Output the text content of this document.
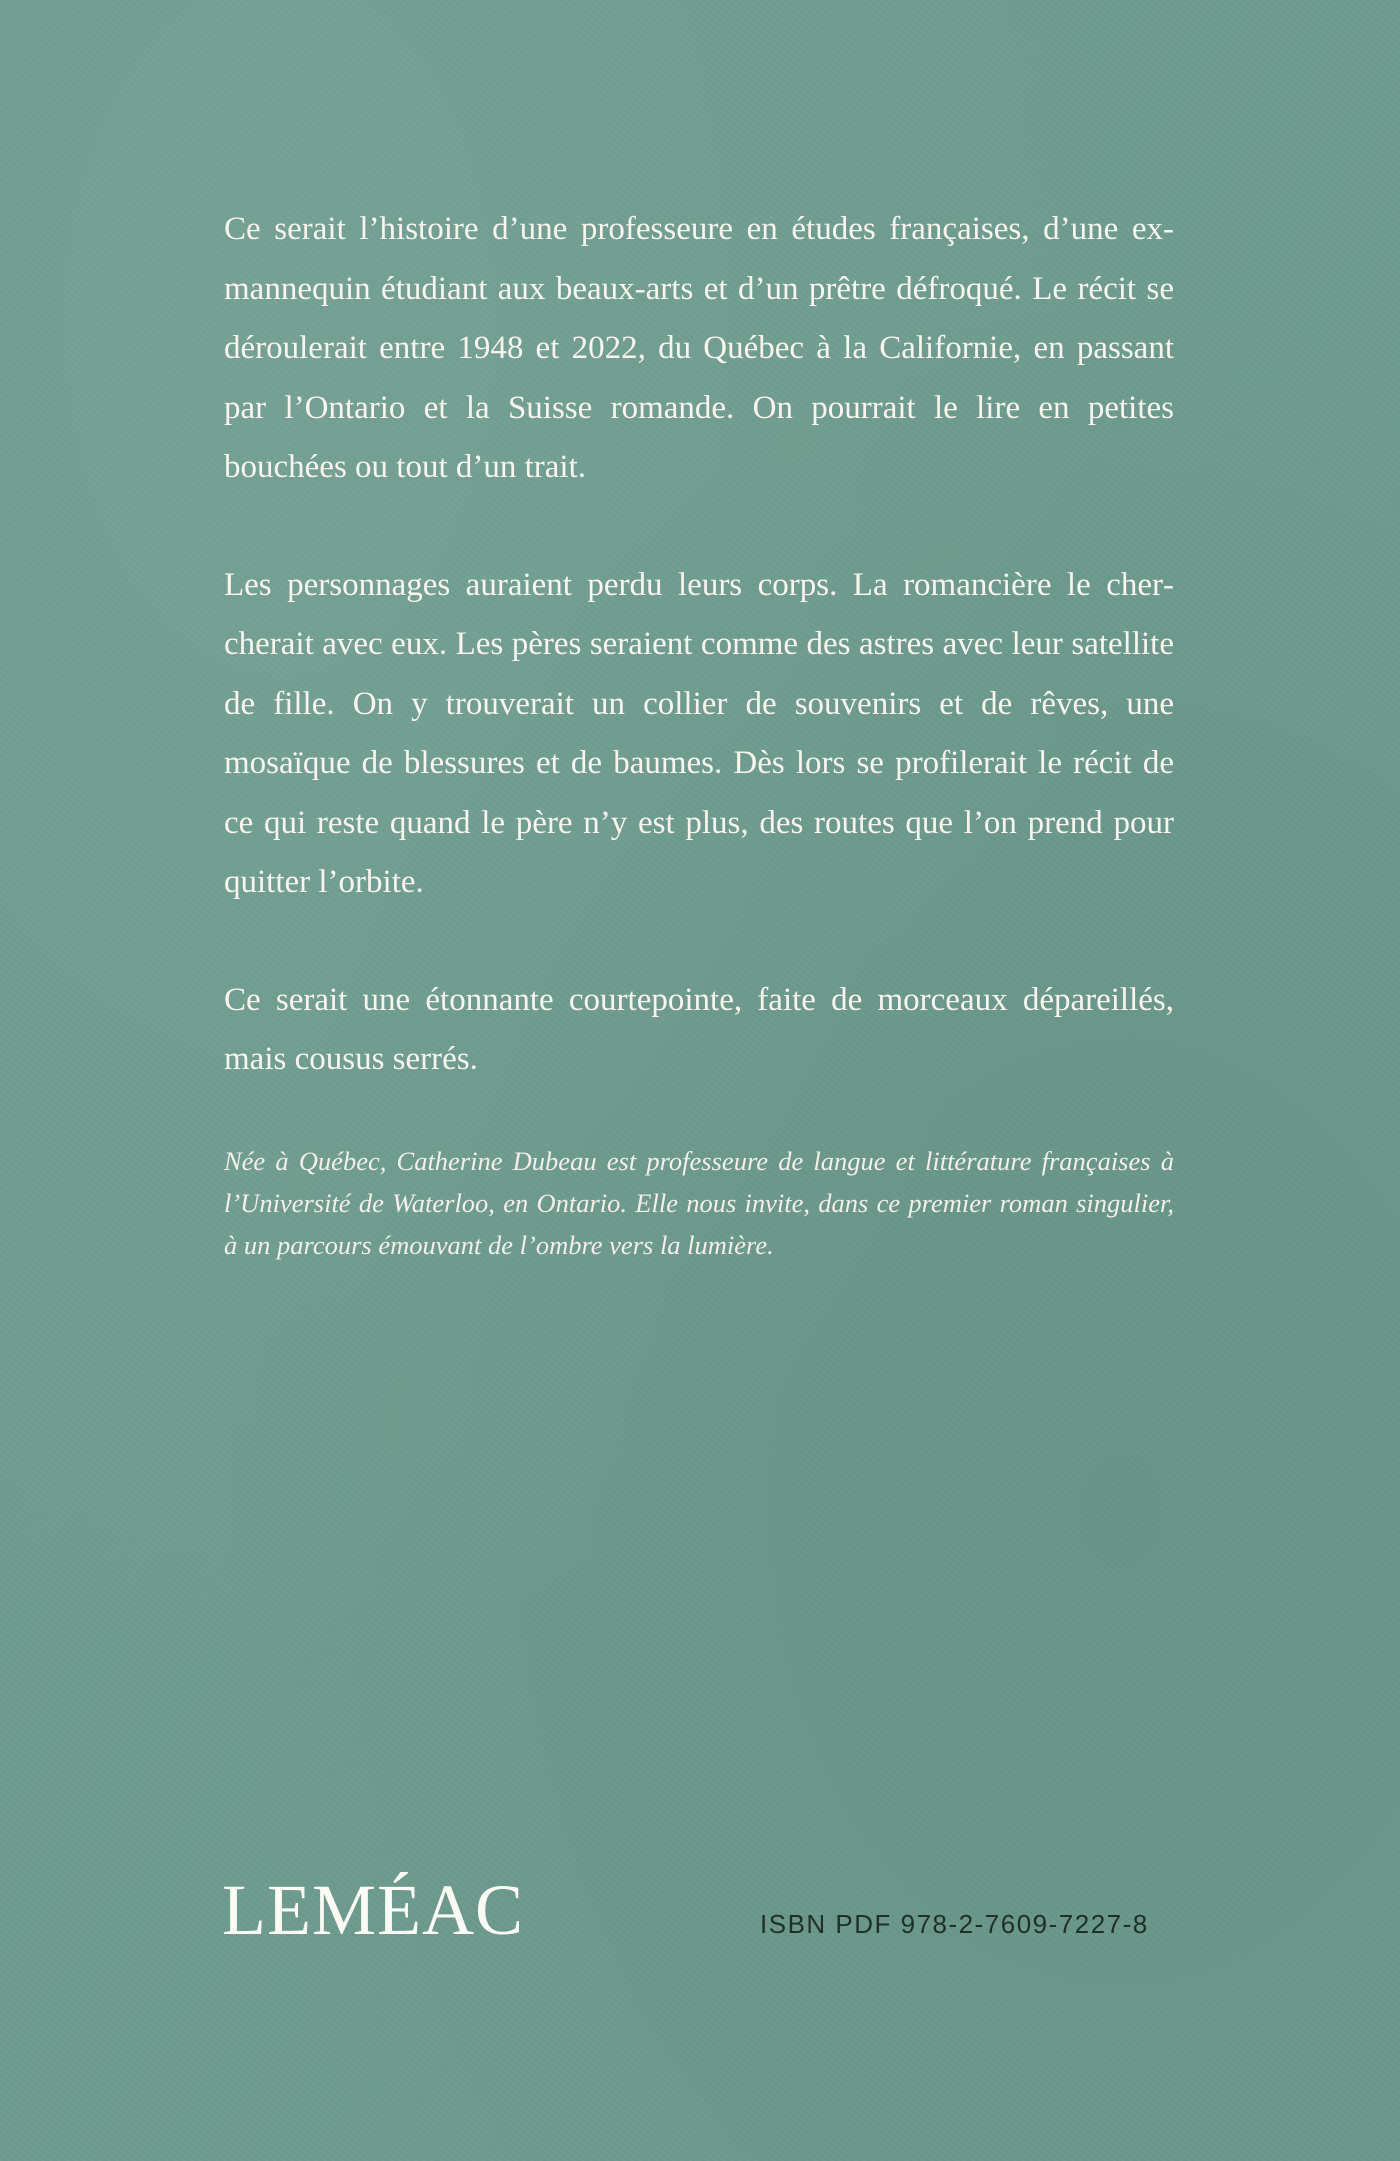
Ce serait l’histoire d’une professeure en études françaises, d’une ex-mannequin étudiant aux beaux-arts et d’un prêtre défroqué. Le récit se déroulerait entre 1948 et 2022, du Québec à la Californie, en passant par l’Ontario et la Suisse romande. On pourrait le lire en petites bouchées ou tout d’un trait.

Les personnages auraient perdu leurs corps. La romancière le chercherait avec eux. Les pères seraient comme des astres avec leur satellite de fille. On y trouverait un collier de souvenirs et de rêves, une mosaïque de blessures et de baumes. Dès lors se profilerait le récit de ce qui reste quand le père n’y est plus, des routes que l’on prend pour quitter l’orbite.

Ce serait une étonnante courtepointe, faite de morceaux dépareillés, mais cousus serrés.

Née à Québec, Catherine Dubeau est professeure de langue et littérature françaises à l’Université de Waterloo, en Ontario. Elle nous invite, dans ce premier roman singulier, à un parcours émouvant de l’ombre vers la lumière.

LEMÉAC	ISBN PDF 978-2-7609-7227-8
